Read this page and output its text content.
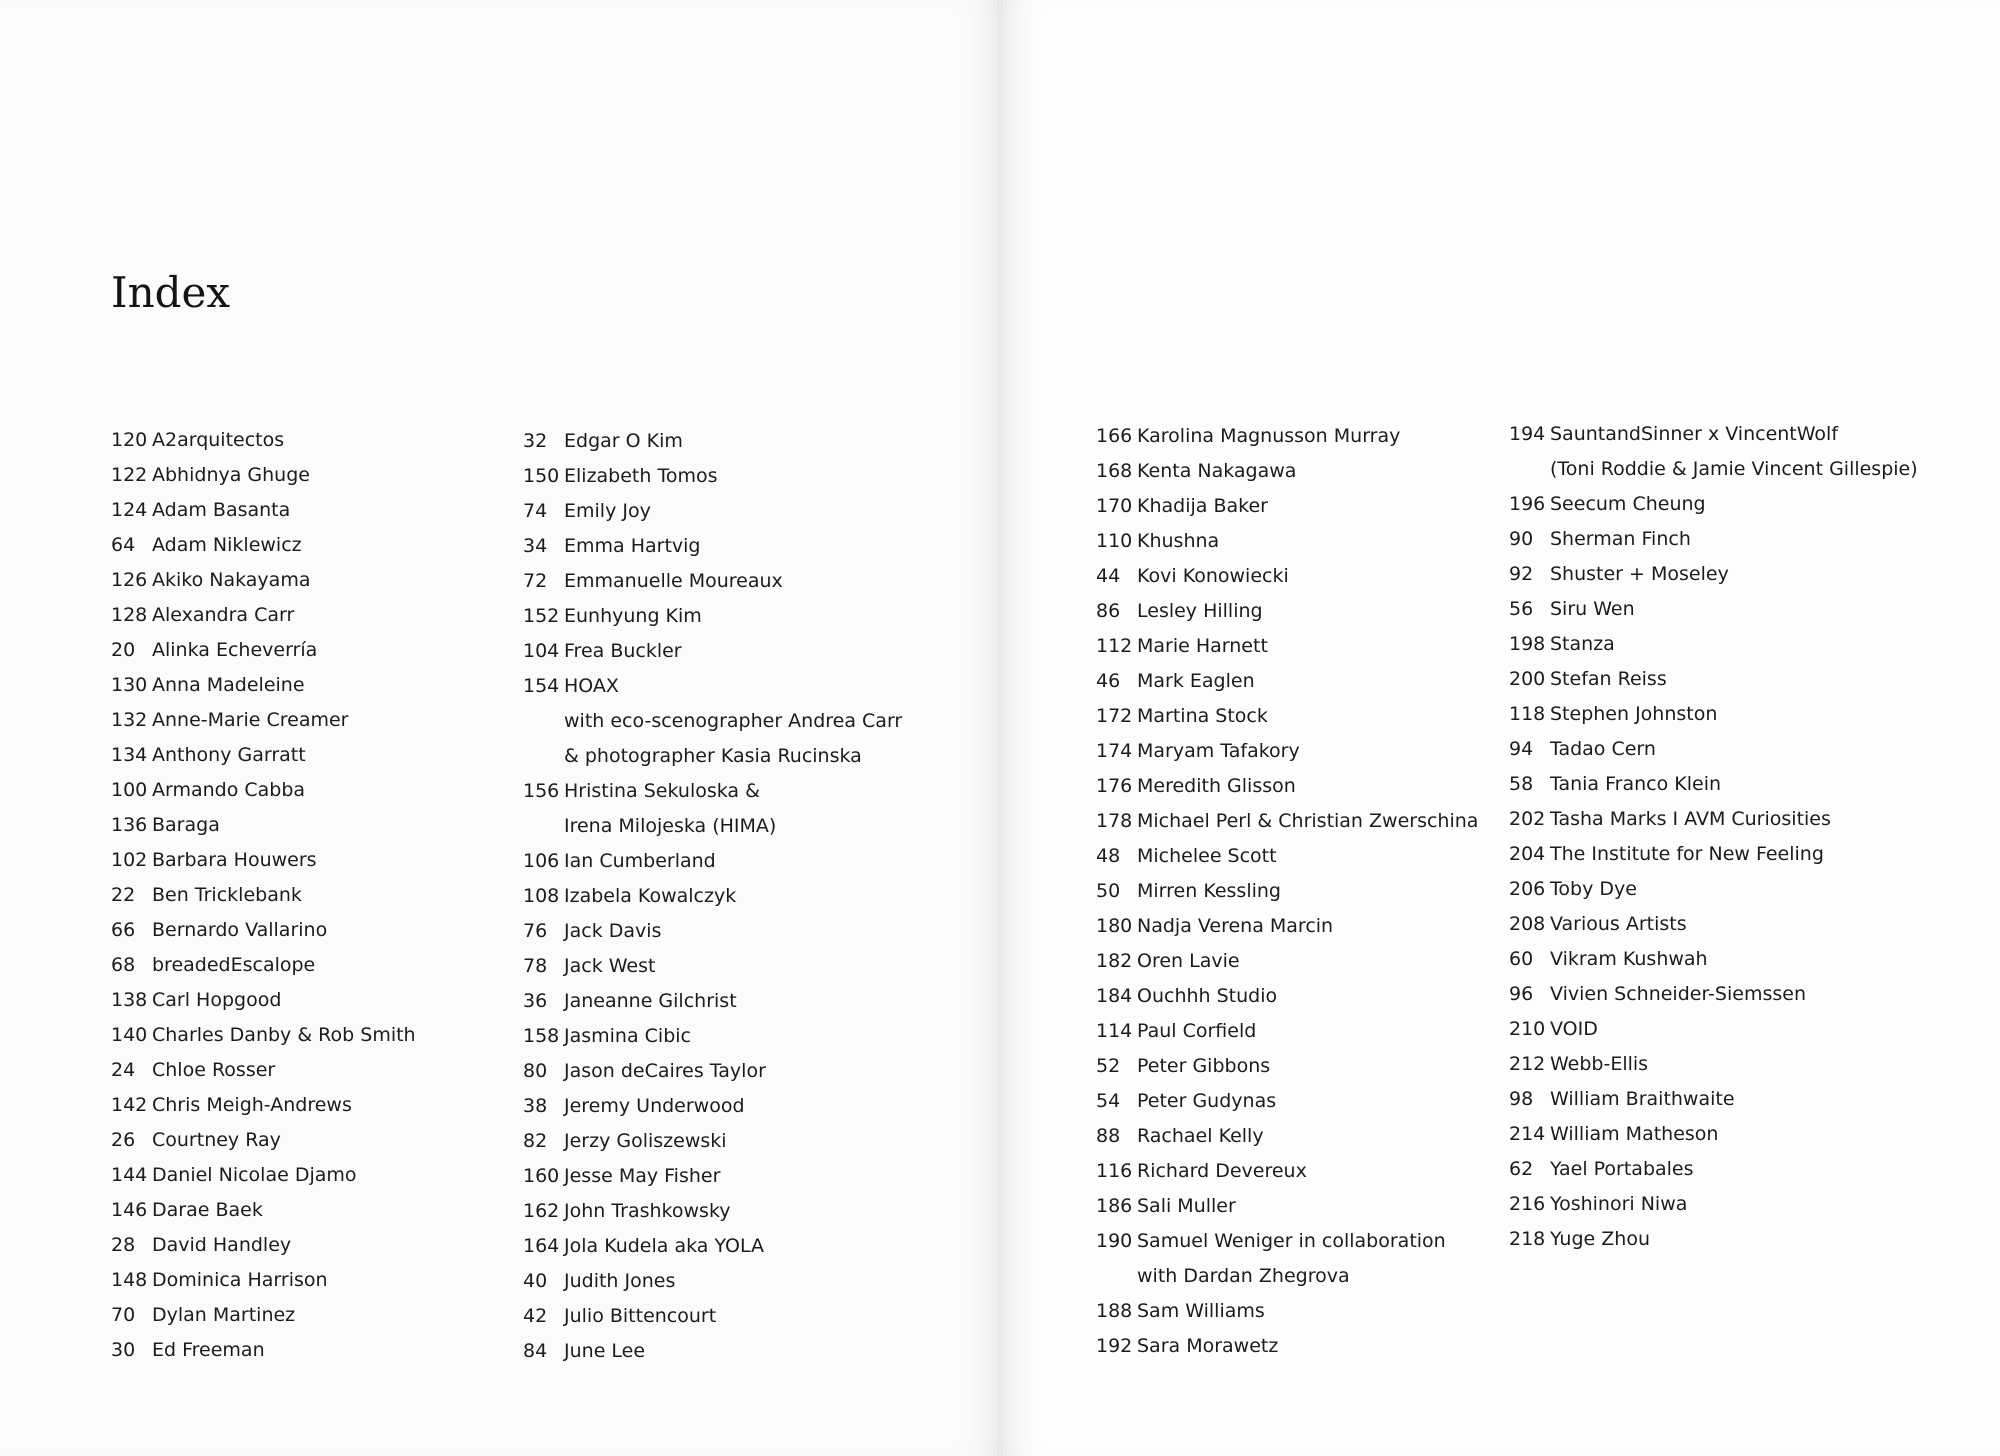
Index
120 A2arquitectos
122 Abhidnya Ghuge
124 Adam Basanta
64 Adam Niklewicz
126 Akiko Nakayama
128 Alexandra Carr
20 Alinka Echeverría
130 Anna Madeleine
132 Anne-Marie Creamer
134 Anthony Garratt
100 Armando Cabba
136 Baraga
102 Barbara Houwers
22 Ben Tricklebank
66 Bernardo Vallarino
68 breadedEscalope
138 Carl Hopgood
140 Charles Danby & Rob Smith
24 Chloe Rosser
142 Chris Meigh-Andrews
26 Courtney Ray
144 Daniel Nicolae Djamo
146 Darae Baek
28 David Handley
148 Dominica Harrison
70 Dylan Martinez
30 Ed Freeman
32 Edgar O Kim
150 Elizabeth Tomos
74 Emily Joy
34 Emma Hartvig
72 Emmanuelle Moureaux
152 Eunhyung Kim
104 Frea Buckler
154 HOAX
with eco-scenographer Andrea Carr
& photographer Kasia Rucinska
156 Hristina Sekuloska &
Irena Milojeska (HIMA)
106 Ian Cumberland
108 Izabela Kowalczyk
76 Jack Davis
78 Jack West
36 Janeanne Gilchrist
158 Jasmina Cibic
80 Jason deCaires Taylor
38 Jeremy Underwood
82 Jerzy Goliszewski
160 Jesse May Fisher
162 John Trashkowsky
164 Jola Kudela aka YOLA
40 Judith Jones
42 Julio Bittencourt
84 June Lee
166 Karolina Magnusson Murray
168 Kenta Nakagawa
170 Khadija Baker
110 Khushna
44 Kovi Konowiecki
86 Lesley Hilling
112 Marie Harnett
46 Mark Eaglen
172 Martina Stock
174 Maryam Tafakory
176 Meredith Glisson
178 Michael Perl & Christian Zwerschina
48 Michelee Scott
50 Mirren Kessling
180 Nadja Verena Marcin
182 Oren Lavie
184 Ouchhh Studio
114 Paul Corfield
52 Peter Gibbons
54 Peter Gudynas
88 Rachael Kelly
116 Richard Devereux
186 Sali Muller
190 Samuel Weniger in collaboration
with Dardan Zhegrova
188 Sam Williams
192 Sara Morawetz
194 SauntandSinner x VincentWolf
(Toni Roddie & Jamie Vincent Gillespie)
196 Seecum Cheung
90 Sherman Finch
92 Shuster + Moseley
56 Siru Wen
198 Stanza
200 Stefan Reiss
118 Stephen Johnston
94 Tadao Cern
58 Tania Franco Klein
202 Tasha Marks I AVM Curiosities
204 The Institute for New Feeling
206 Toby Dye
208 Various Artists
60 Vikram Kushwah
96 Vivien Schneider-Siemssen
210 VOID
212 Webb-Ellis
98 William Braithwaite
214 William Matheson
62 Yael Portabales
216 Yoshinori Niwa
218 Yuge Zhou
